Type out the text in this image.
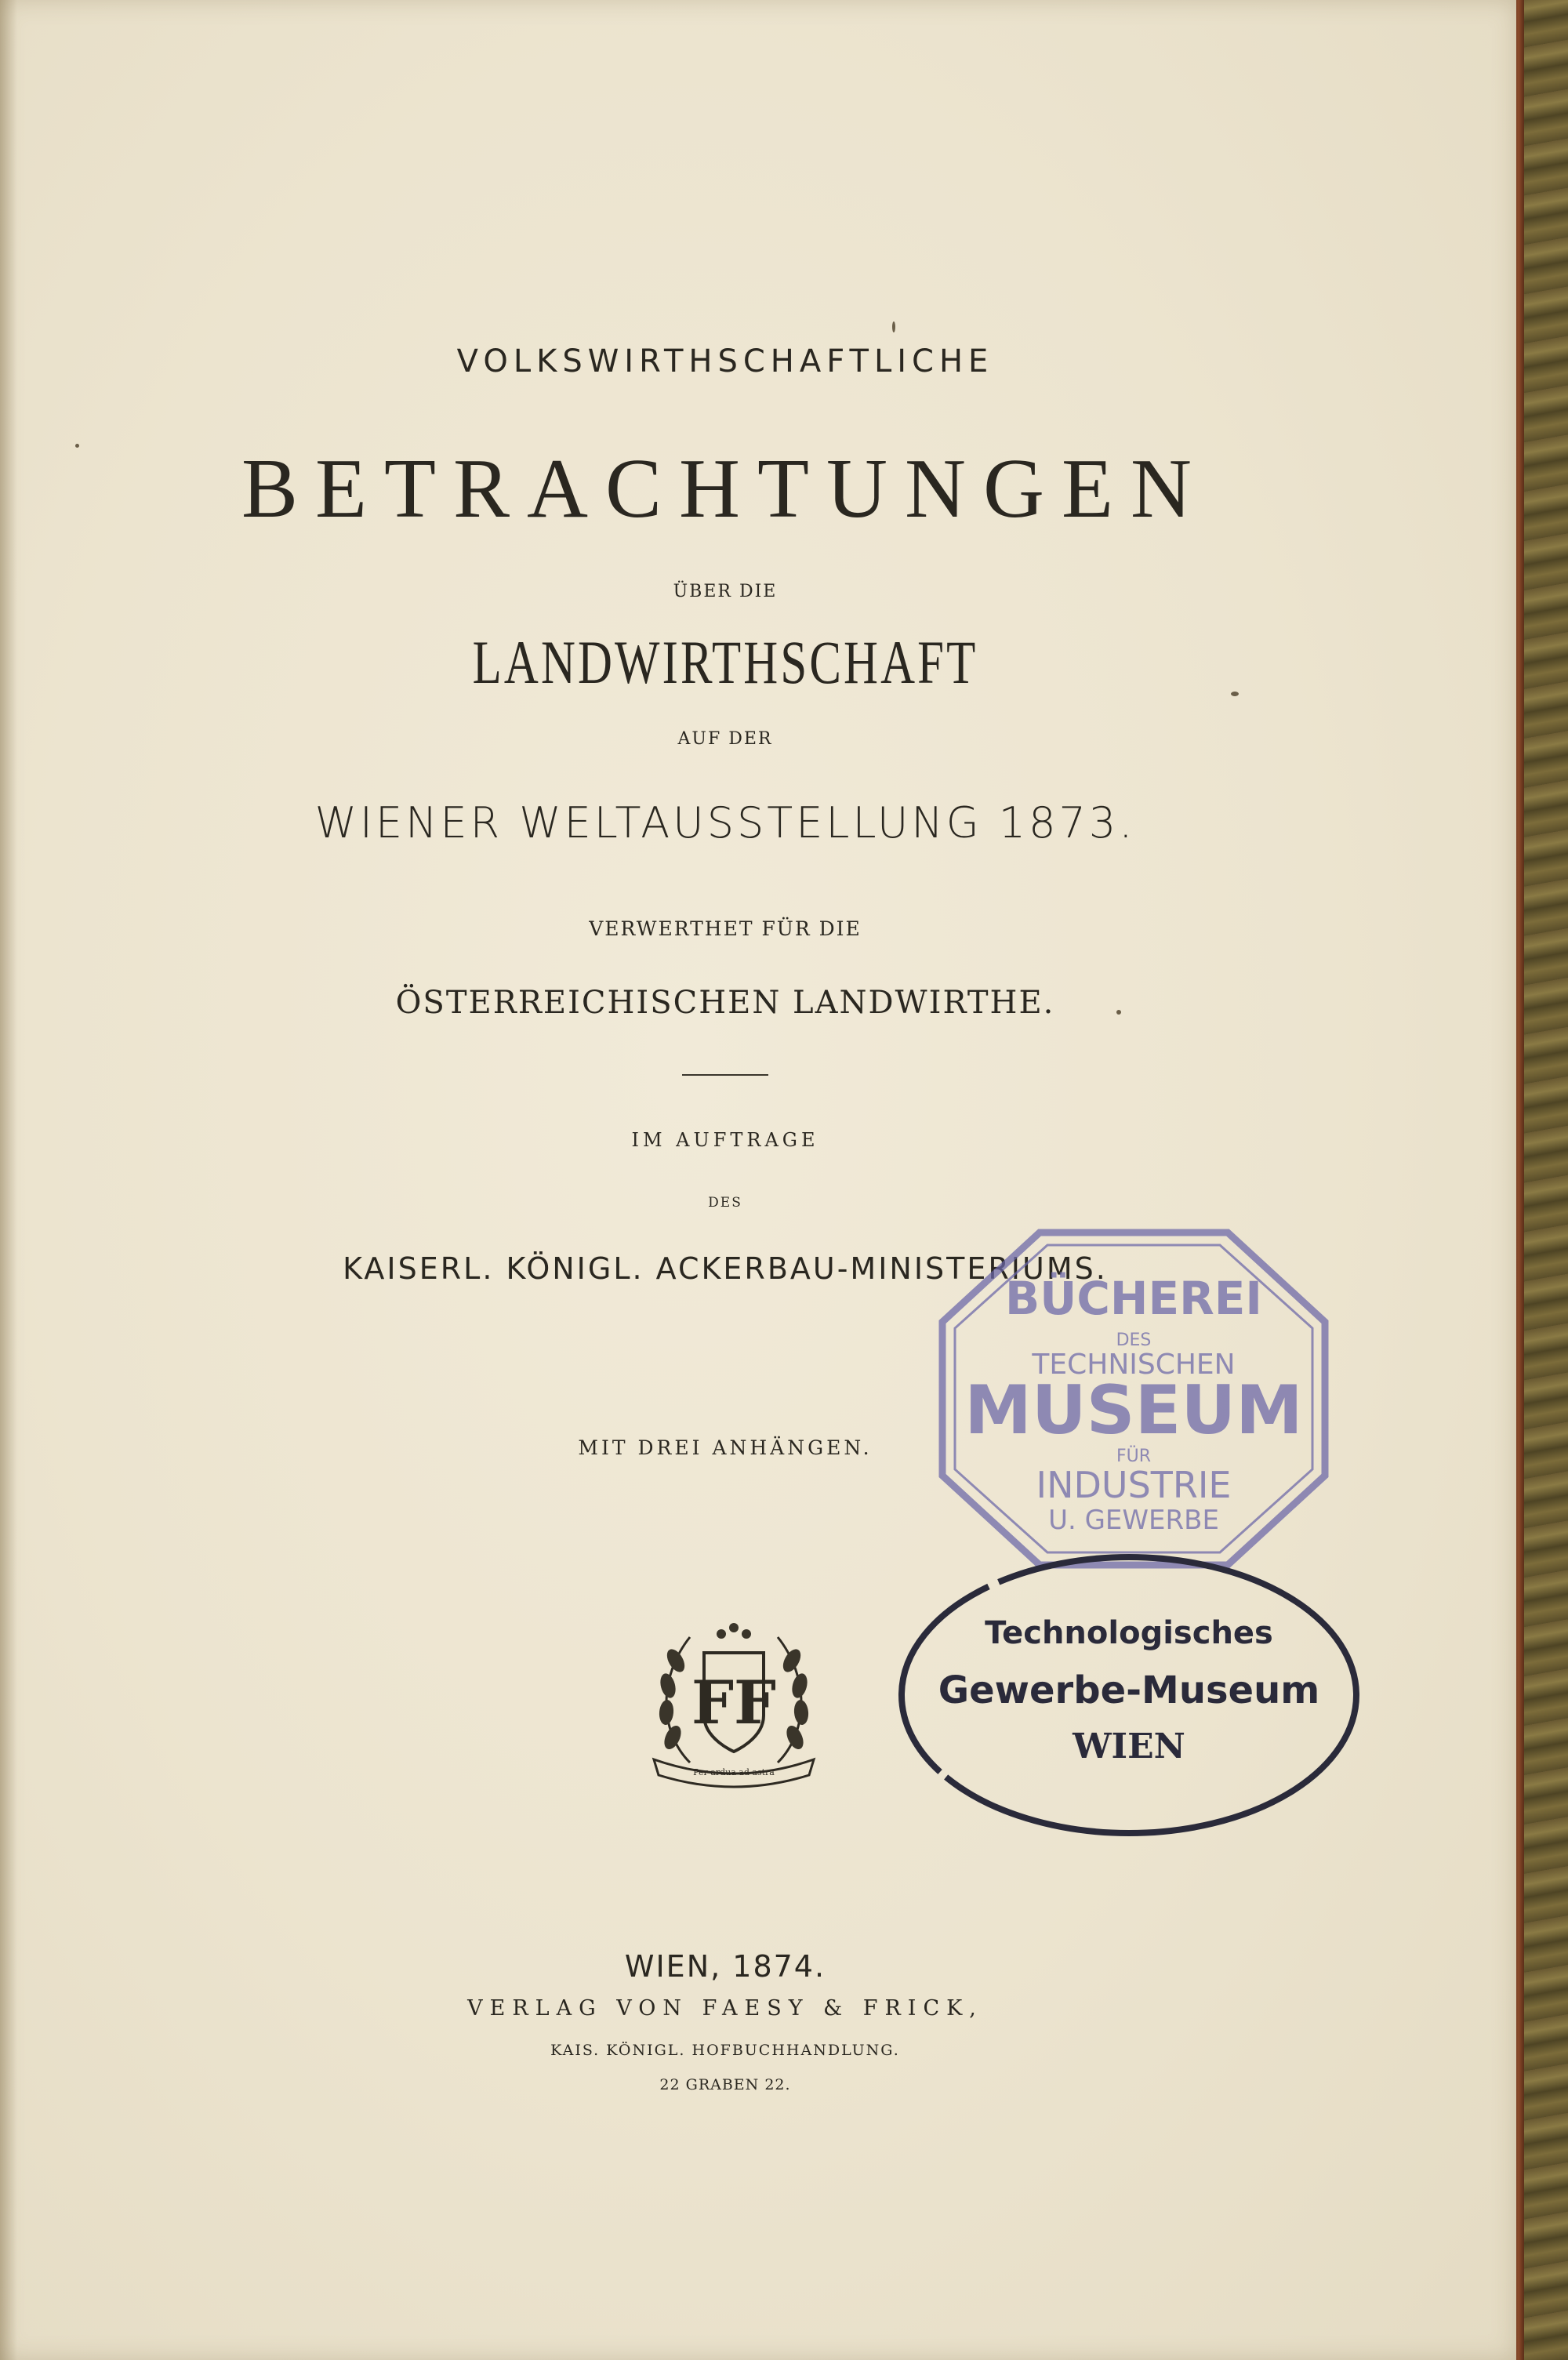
VOLKSWIRTHSCHAFTLICHE
BETRACHTUNGEN
ÜBER DIE
LANDWIRTHSCHAFT
AUF DER
WIENER WELTAUSSTELLUNG 1873.
VERWERTHET FÜR DIE
ÖSTERREICHISCHEN LANDWIRTHE.
IM AUFTRAGE
DES
KAISERL. KÖNIGL. ACKERBAU-MINISTERIUMS.
MIT DREI ANHÄNGEN.
FF
Per ardua ad astra
BÜCHEREI
DES
TECHNISCHEN
MUSEUM
FÜR
INDUSTRIE
U. GEWERBE
Technologisches
Gewerbe-Museum
WIEN
WIEN, 1874.
VERLAG VON FAESY & FRICK,
KAIS. KÖNIGL. HOFBUCHHANDLUNG.
22 GRABEN 22.
